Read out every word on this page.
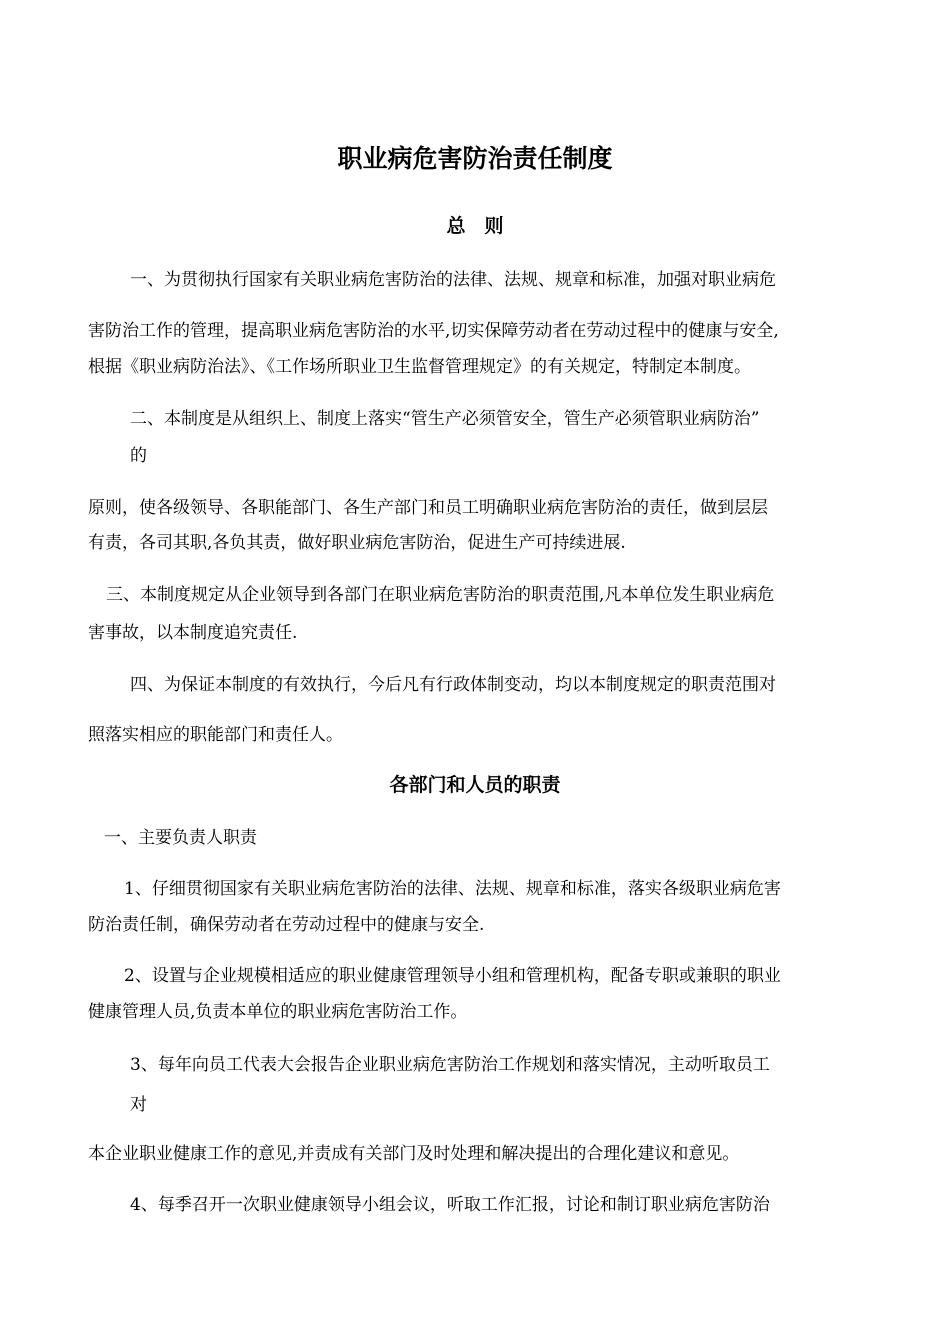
职业病危害防治责任制度
总　则
一、为贯彻执行国家有关职业病危害防治的法律、法规、规章和标准，加强对职业病危
害防治工作的管理，提高职业病危害防治的水平,切实保障劳动者在劳动过程中的健康与安全,
根据《职业病防治法》、《工作场所职业卫生监督管理规定》的有关规定，特制定本制度。
二、本制度是从组织上、制度上落实“管生产必须管安全，管生产必须管职业病防治”
的
原则，使各级领导、各职能部门、各生产部门和员工明确职业病危害防治的责任，做到层层
有责，各司其职,各负其责，做好职业病危害防治，促进生产可持续进展.
三、本制度规定从企业领导到各部门在职业病危害防治的职责范围,凡本单位发生职业病危
害事故，以本制度追究责任.
四、为保证本制度的有效执行，今后凡有行政体制变动，均以本制度规定的职责范围对
照落实相应的职能部门和责任人。
各部门和人员的职责
一、主要负责人职责
1、仔细贯彻国家有关职业病危害防治的法律、法规、规章和标准，落实各级职业病危害
防治责任制，确保劳动者在劳动过程中的健康与安全.
2、设置与企业规模相适应的职业健康管理领导小组和管理机构，配备专职或兼职的职业
健康管理人员,负责本单位的职业病危害防治工作。
3、每年向员工代表大会报告企业职业病危害防治工作规划和落实情况，主动听取员工
对
本企业职业健康工作的意见,并责成有关部门及时处理和解决提出的合理化建议和意见。
4、每季召开一次职业健康领导小组会议，听取工作汇报，讨论和制订职业病危害防治
